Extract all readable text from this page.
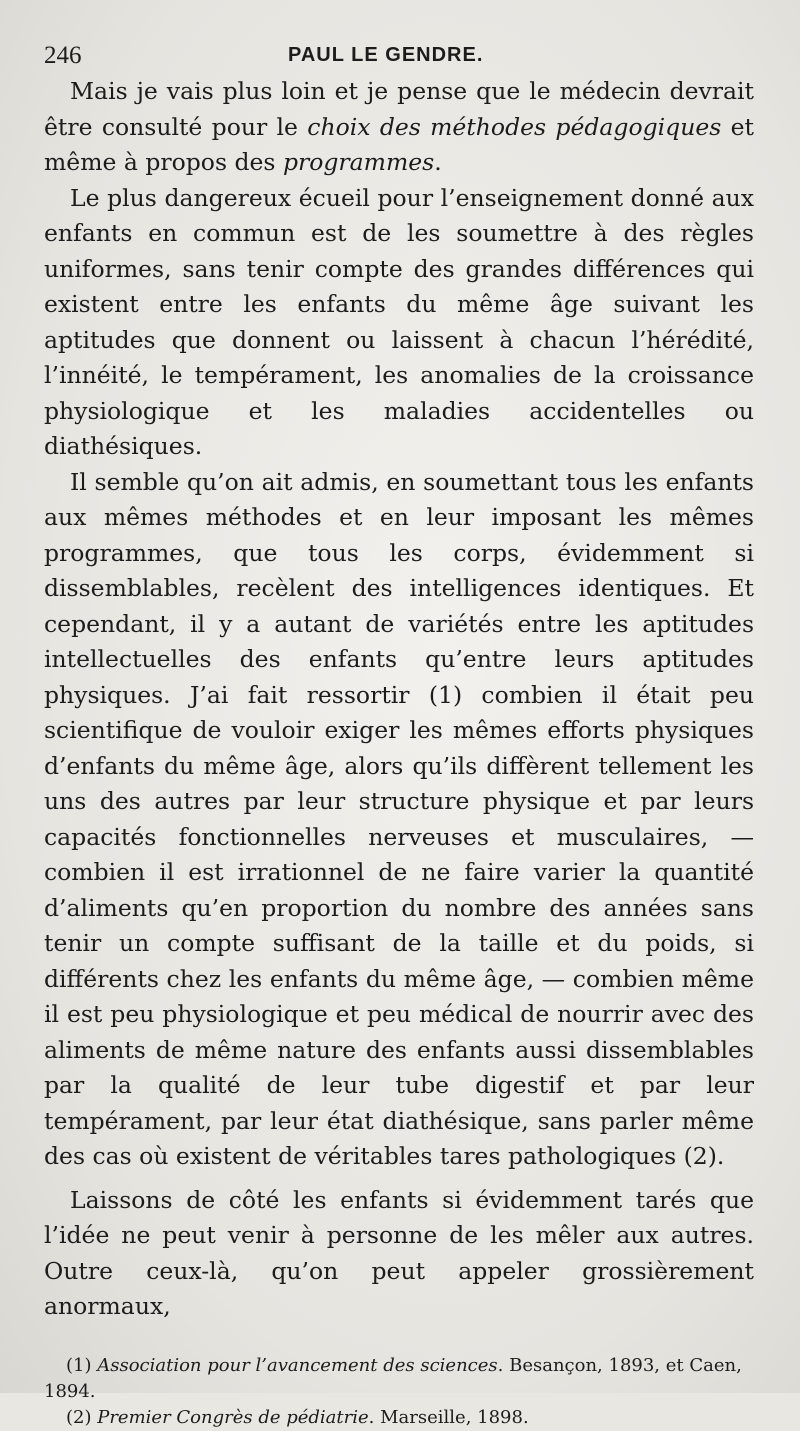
246	PAUL LE GENDRE.

Mais je vais plus loin et je pense que le médecin devrait être consulté pour le choix des méthodes pédagogiques et même à propos des programmes.

Le plus dangereux écueil pour l’enseignement donné aux enfants en commun est de les soumettre à des règles uniformes, sans tenir compte des grandes différences qui existent entre les enfants du même âge suivant les aptitudes que donnent ou laissent à chacun l’hérédité, l’innéité, le tempérament, les anomalies de la croissance physiologique et les maladies accidentelles ou diathésiques.

Il semble qu’on ait admis, en soumettant tous les enfants aux mêmes méthodes et en leur imposant les mêmes programmes, que tous les corps, évidemment si dissemblables, recèlent des intelligences identiques. Et cependant, il y a autant de variétés entre les aptitudes intellectuelles des enfants qu’entre leurs aptitudes physiques. J’ai fait ressortir (1) combien il était peu scientifique de vouloir exiger les mêmes efforts physiques d’enfants du même âge, alors qu’ils diffèrent tellement les uns des autres par leur structure physique et par leurs capacités fonctionnelles nerveuses et musculaires, — combien il est irrationnel de ne faire varier la quantité d’aliments qu’en proportion du nombre des années sans tenir un compte suffisant de la taille et du poids, si différents chez les enfants du même âge, — combien même il est peu physiologique et peu médical de nourrir avec des aliments de même nature des enfants aussi dissemblables par la qualité de leur tube digestif et par leur tempérament, par leur état diathésique, sans parler même des cas où existent de véritables tares pathologiques (2).

Laissons de côté les enfants si évidemment tarés que l’idée ne peut venir à personne de les mêler aux autres. Outre ceux-là, qu’on peut appeler grossièrement anormaux,

(1) Association pour l’avancement des sciences. Besançon, 1893, et Caen, 1894.

(2) Premier Congrès de pédiatrie. Marseille, 1898.
